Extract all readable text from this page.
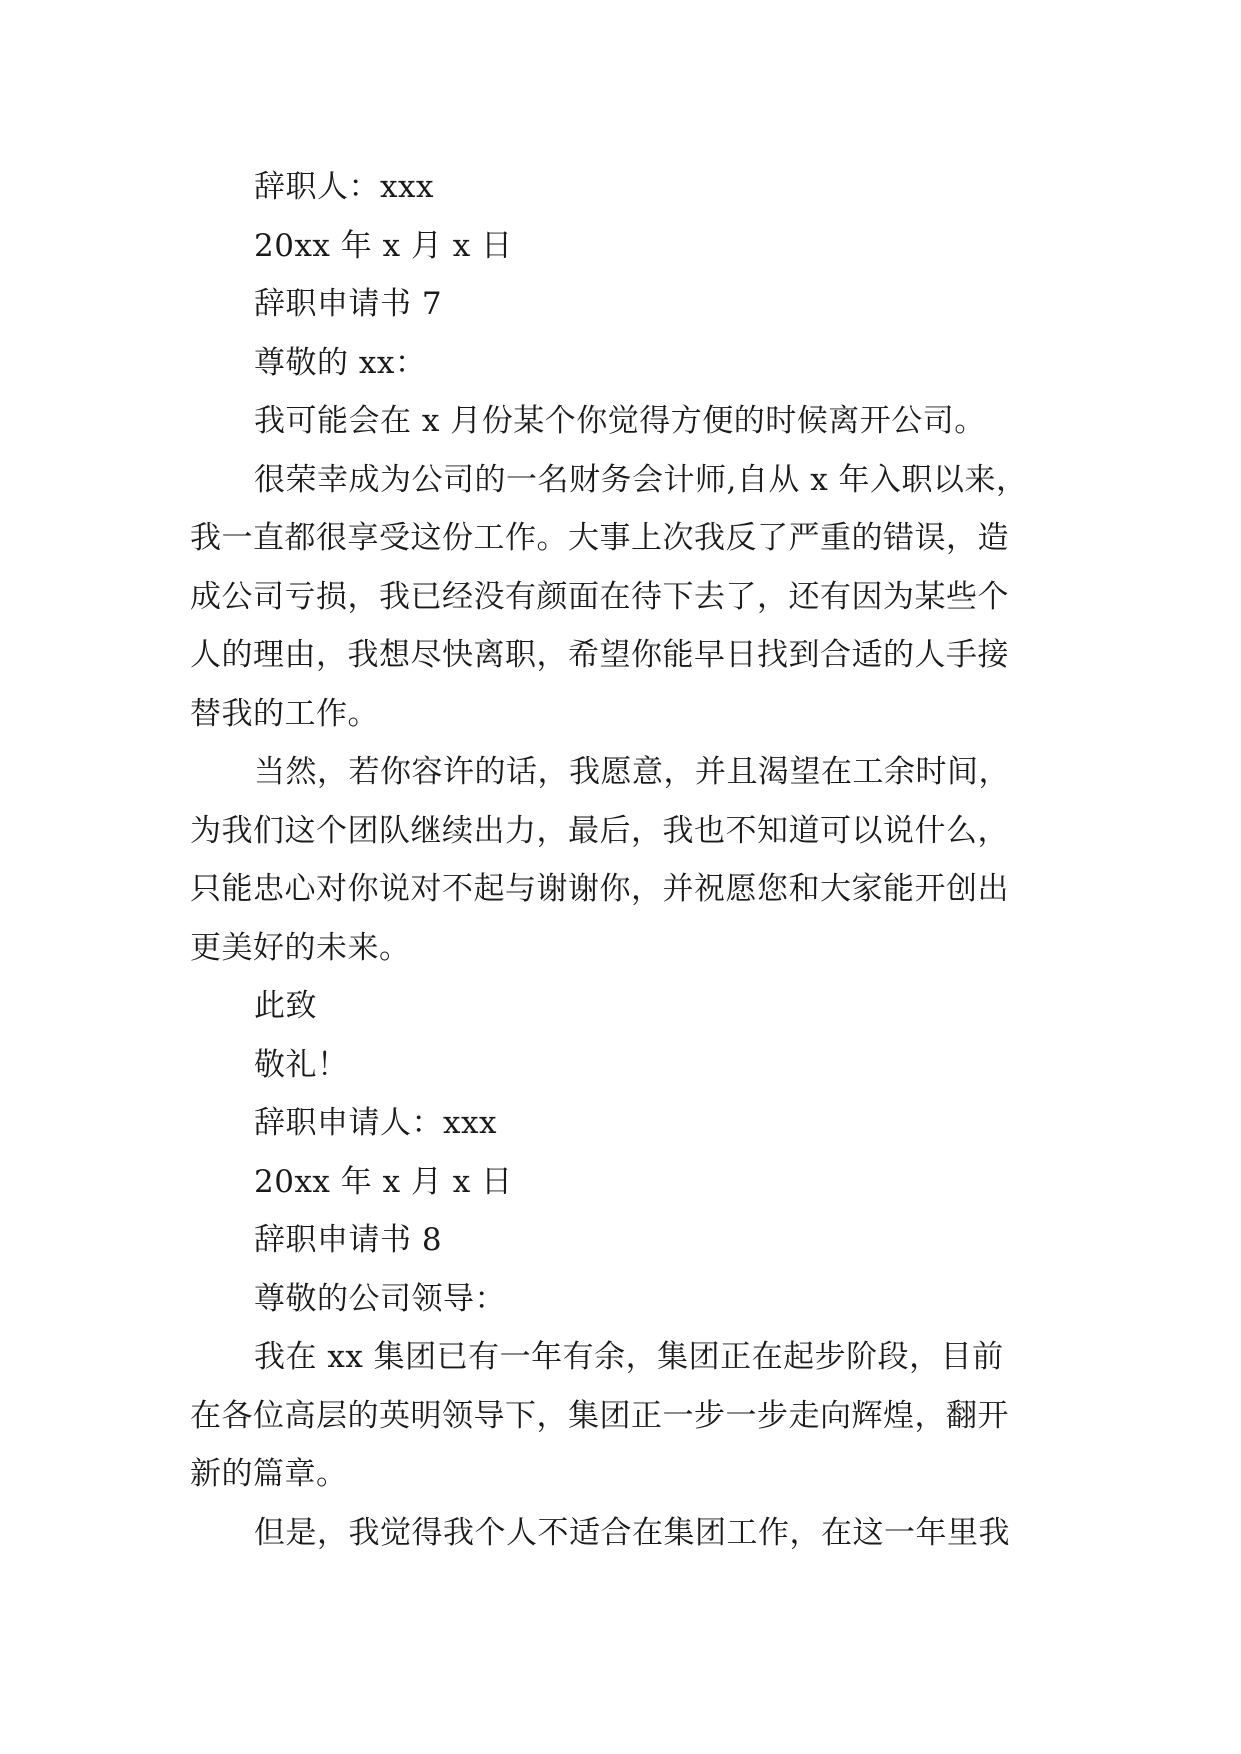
辞职人：xxx
20xx 年 x 月 x 日
辞职申请书 7
尊敬的 xx：
我可能会在 x 月份某个你觉得方便的时候离开公司。
很荣幸成为公司的一名财务会计师,自从 x 年入职以来，
我一直都很享受这份工作。大事上次我反了严重的错误，造
成公司亏损，我已经没有颜面在待下去了，还有因为某些个
人的理由，我想尽快离职，希望你能早日找到合适的人手接
替我的工作。
当然，若你容许的话，我愿意，并且渴望在工余时间，
为我们这个团队继续出力，最后，我也不知道可以说什么，
只能忠心对你说对不起与谢谢你，并祝愿您和大家能开创出
更美好的未来。
此致
敬礼！
辞职申请人：xxx
20xx 年 x 月 x 日
辞职申请书 8
尊敬的公司领导：
我在 xx 集团已有一年有余，集团正在起步阶段，目前
在各位高层的英明领导下，集团正一步一步走向辉煌，翻开
新的篇章。
但是，我觉得我个人不适合在集团工作，在这一年里我
